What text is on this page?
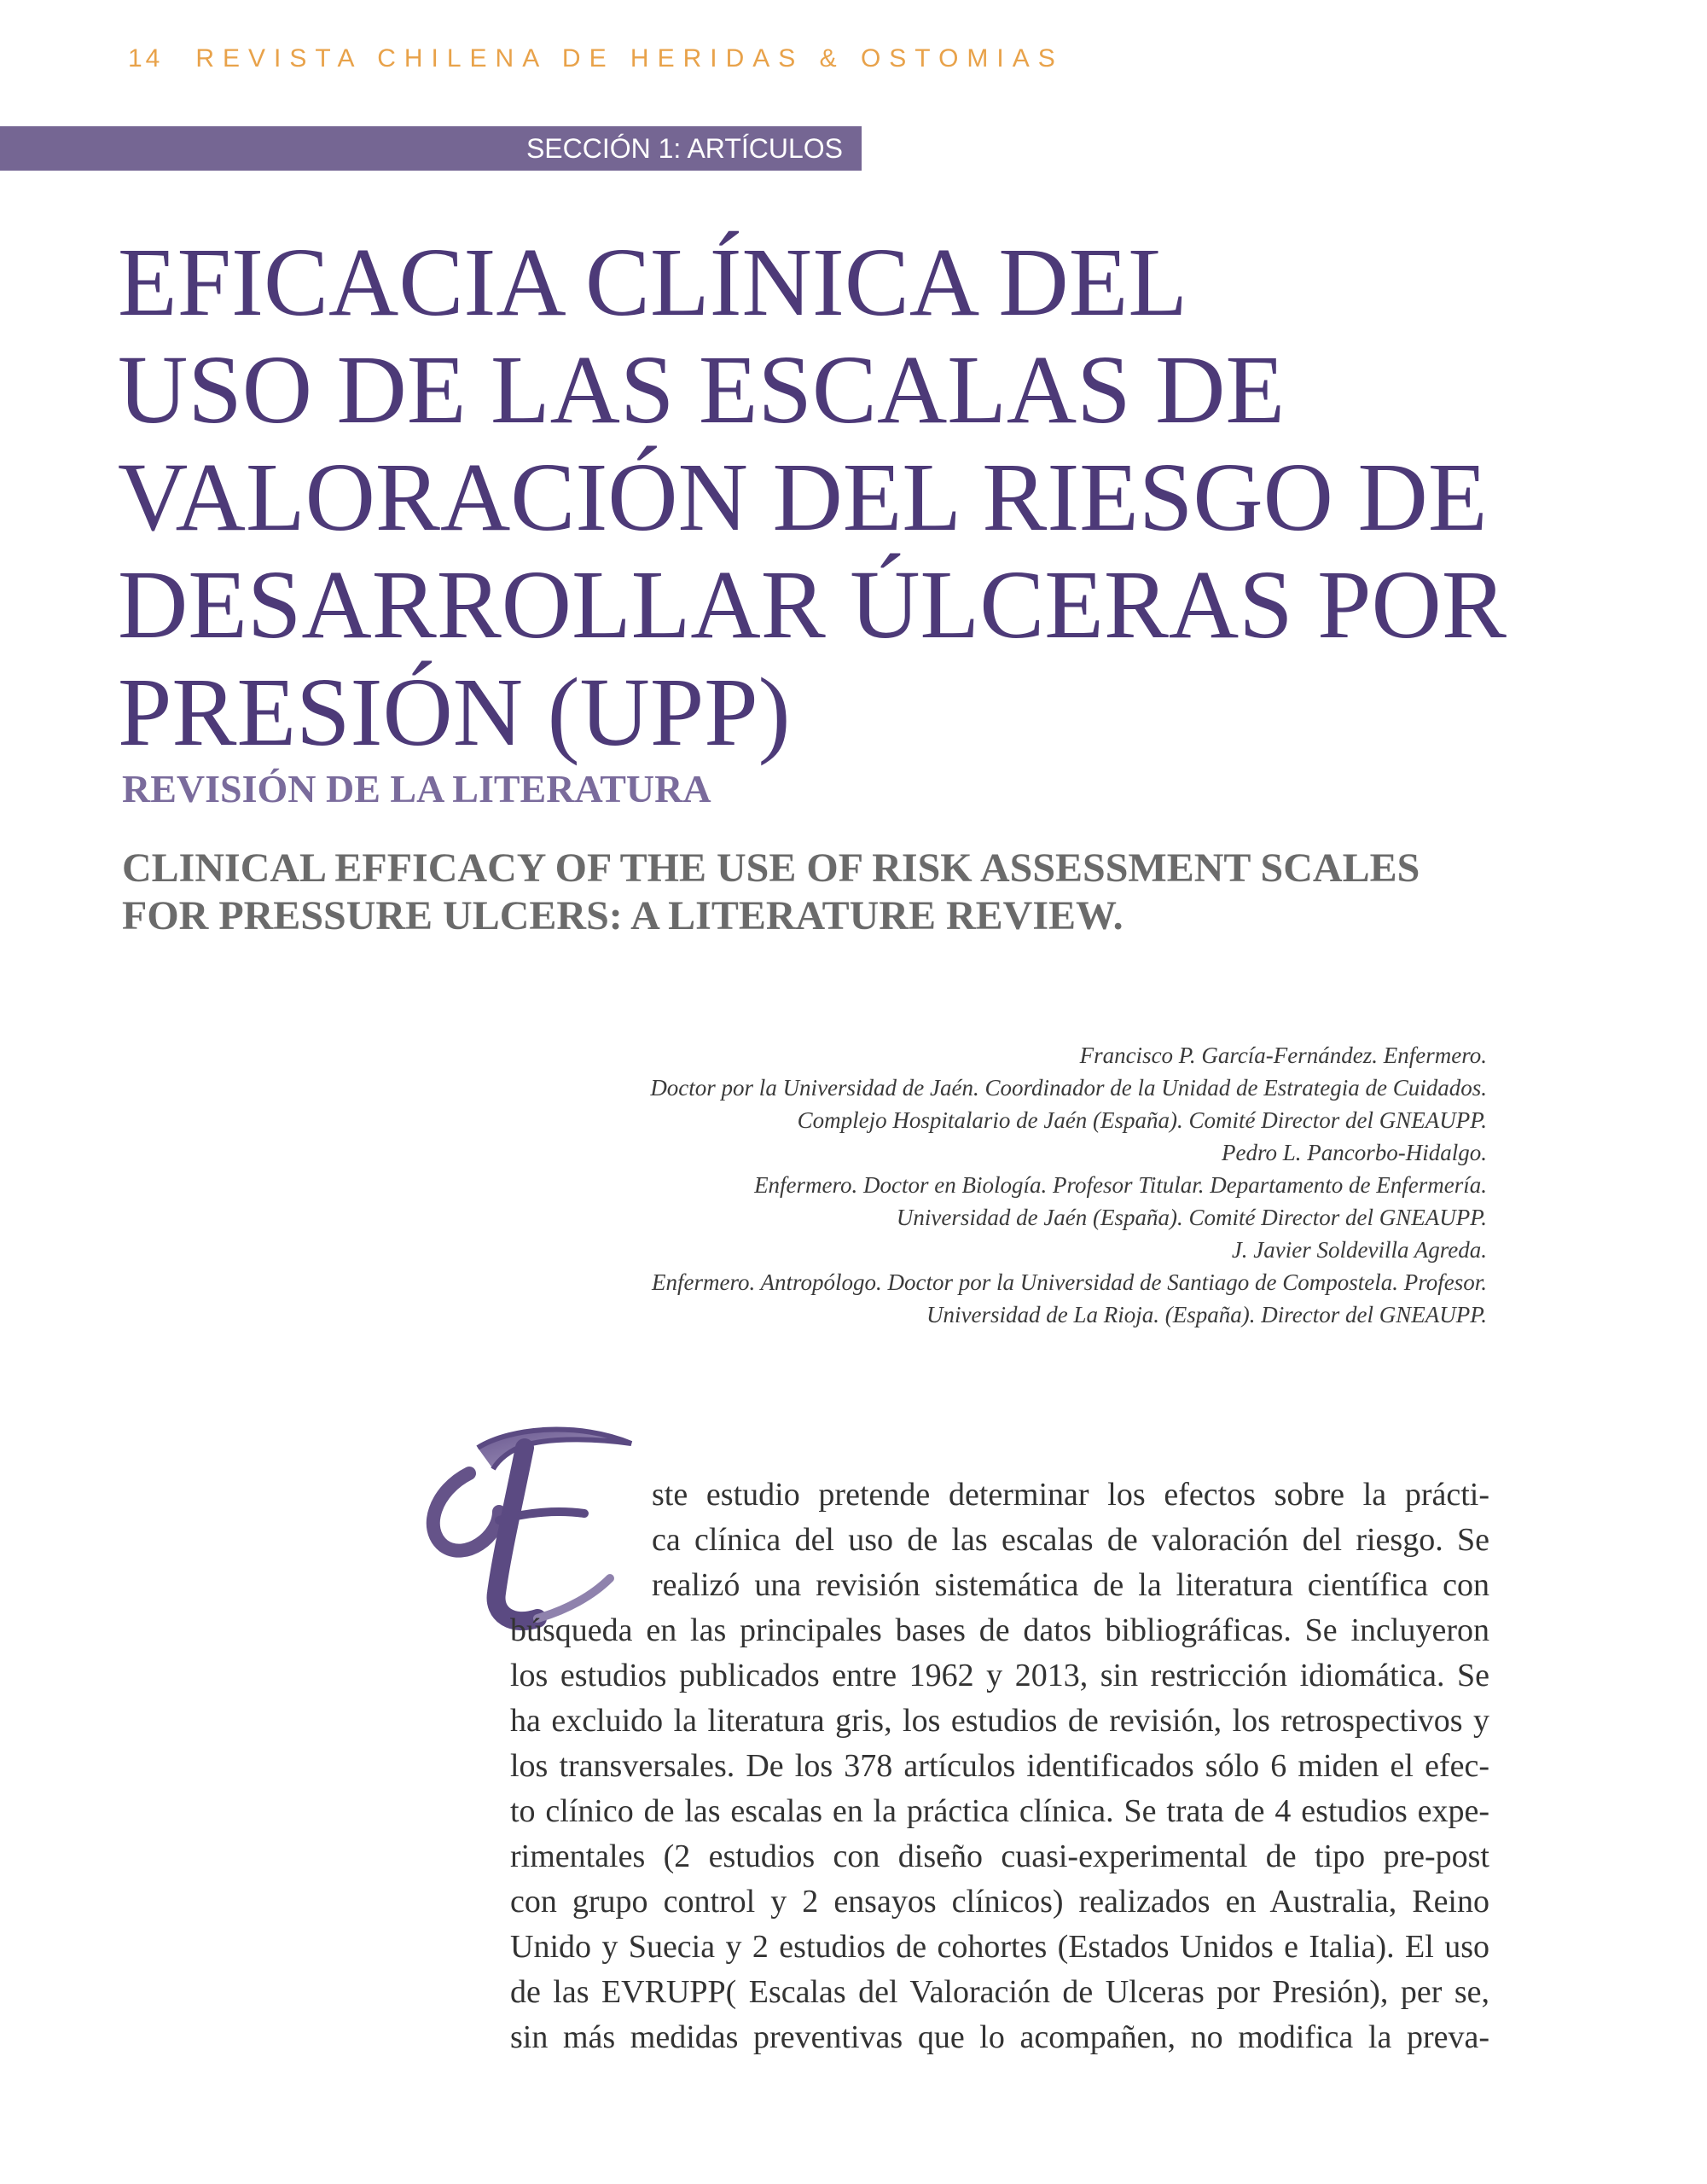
14 REVISTA CHILENA DE HERIDAS & OSTOMIAS
SECCIÓN 1: ARTÍCULOS
EFICACIA CLÍNICA DEL
USO DE LAS ESCALAS DE
VALORACIÓN DEL RIESGO DE
DESARROLLAR ÚLCERAS POR
PRESIÓN (UPP)
REVISIÓN DE LA LITERATURA
CLINICAL EFFICACY OF THE USE OF RISK ASSESSMENT SCALES
FOR PRESSURE ULCERS: A LITERATURE REVIEW.
Francisco P. García-Fernández. Enfermero.
Doctor por la Universidad de Jaén. Coordinador de la Unidad de Estrategia de Cuidados.
Complejo Hospitalario de Jaén (España). Comité Director del GNEAUPP.
Pedro L. Pancorbo-Hidalgo.
Enfermero. Doctor en Biología. Profesor Titular. Departamento de Enfermería.
Universidad de Jaén (España). Comité Director del GNEAUPP.
J. Javier Soldevilla Agreda.
Enfermero. Antropólogo. Doctor por la Universidad de Santiago de Compostela. Profesor.
Universidad de La Rioja. (España). Director del GNEAUPP.
E
ste estudio pretende determinar los efectos sobre la prácti-
ca clínica del uso de las escalas de valoración del riesgo. Se
realizó una revisión sistemática de la literatura científica con
búsqueda en las principales bases de datos bibliográficas. Se incluyeron
los estudios publicados entre 1962 y 2013, sin restricción idiomática. Se
ha excluido la literatura gris, los estudios de revisión, los retrospectivos y
los transversales. De los 378 artículos identificados sólo 6 miden el efec-
to clínico de las escalas en la práctica clínica. Se trata de 4 estudios expe-
rimentales (2 estudios con diseño cuasi-experimental de tipo pre-post
con grupo control y 2 ensayos clínicos) realizados en Australia, Reino
Unido y Suecia y 2 estudios de cohortes (Estados Unidos e Italia). El uso
de las EVRUPP( Escalas del Valoración de Ulceras por Presión), per se,
sin más medidas preventivas que lo acompañen, no modifica la preva-
